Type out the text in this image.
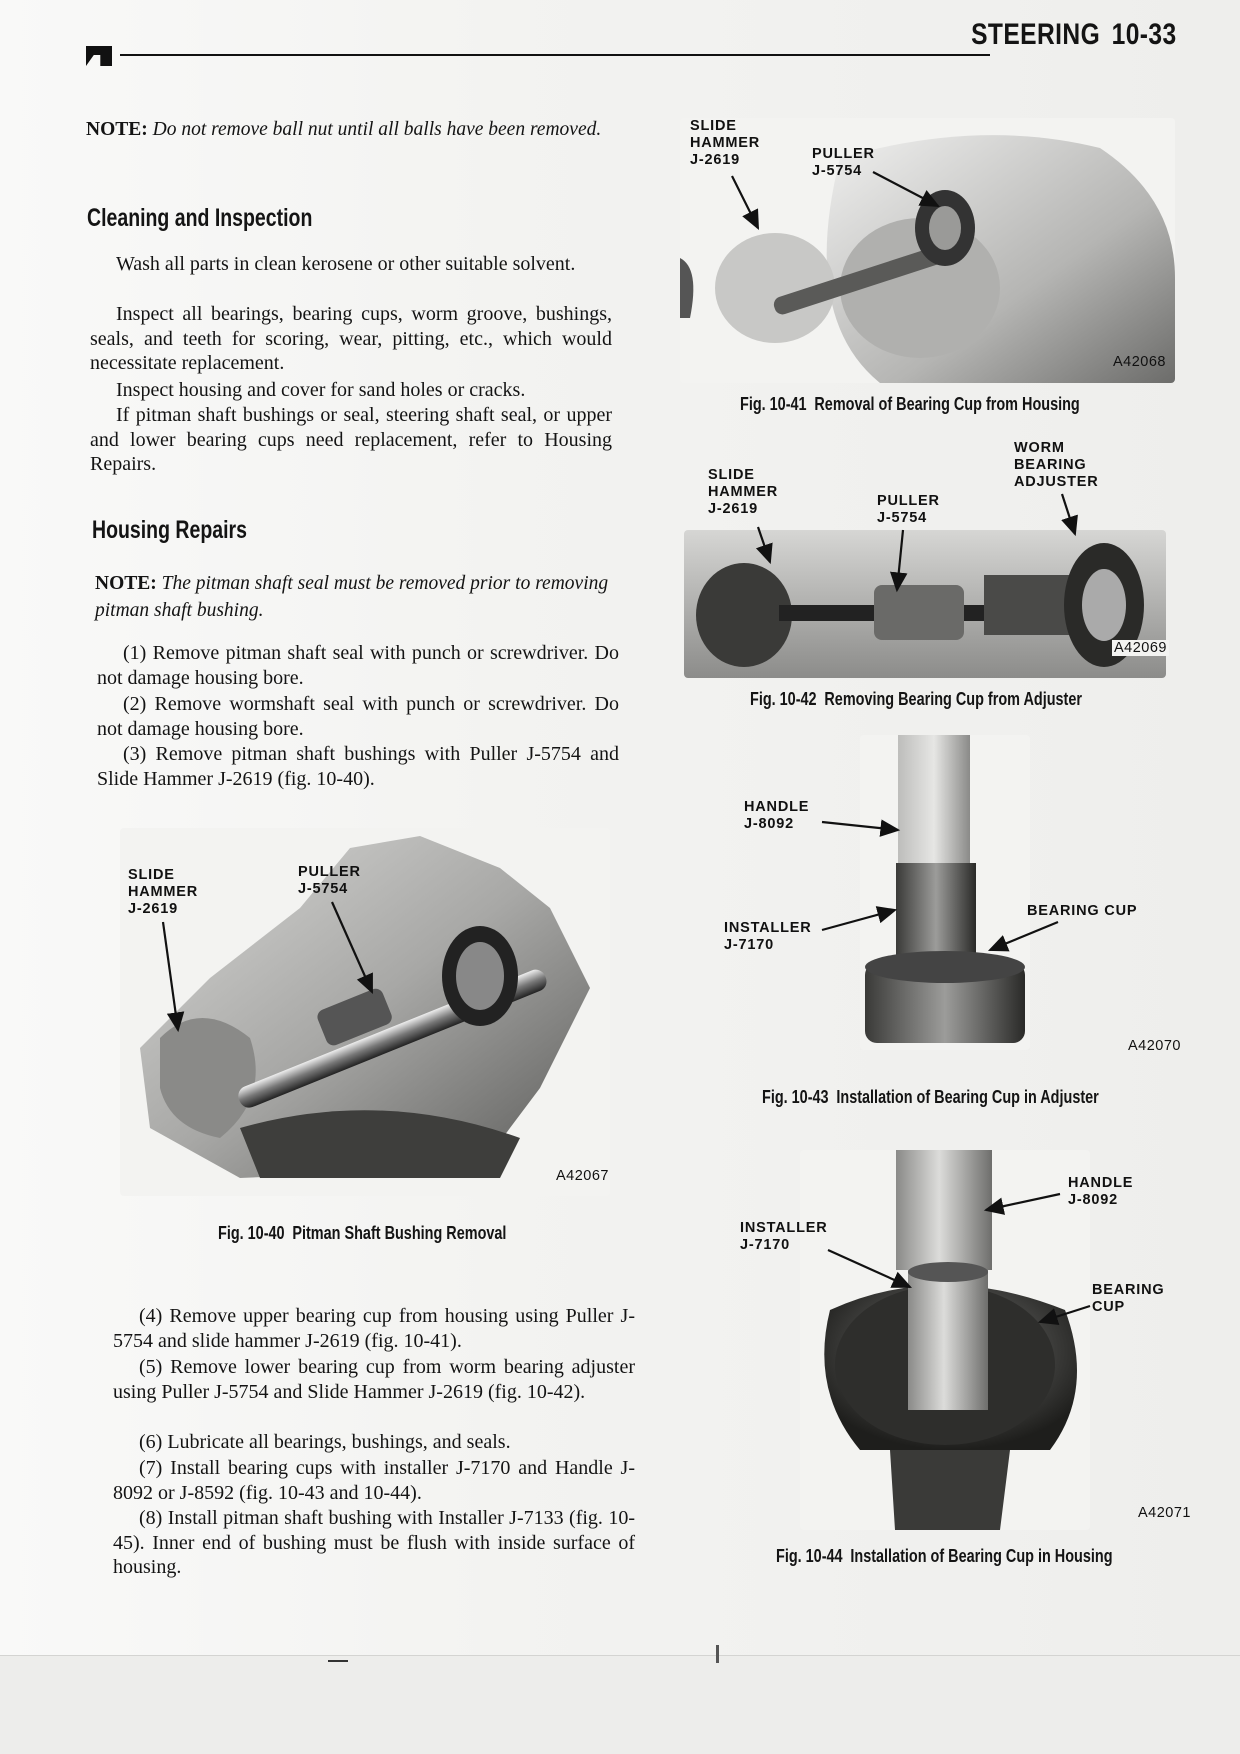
STEERING 10-33
NOTE: Do not remove ball nut until all balls have been removed.
Cleaning and Inspection

Wash all parts in clean kerosene or other suitable solvent.

Inspect all bearings, bearing cups, worm groove, bushings, seals, and teeth for scoring, wear, pitting, etc., which would necessitate replacement.

Inspect housing and cover for sand holes or cracks.

If pitman shaft bushings or seal, steering shaft seal, or upper and lower bearing cups need replacement, refer to Housing Repairs.

Housing Repairs
NOTE: The pitman shaft seal must be removed prior to removing pitman shaft bushing.

(1) Remove pitman shaft seal with punch or screwdriver. Do not damage housing bore.

(2) Remove wormshaft seal with punch or screwdriver. Do not damage housing bore.

(3) Remove pitman shaft bushings with Puller J-5754 and Slide Hammer J-2619 (fig. 10-40).

SLIDE
HAMMER
J-2619
PULLER
J-5754
A42067
Fig. 10-40 Pitman Shaft Bushing Removal

(4) Remove upper bearing cup from housing using Puller J-5754 and slide hammer J-2619 (fig. 10-41).

(5) Remove lower bearing cup from worm bearing adjuster using Puller J-5754 and Slide Hammer J-2619 (fig. 10-42).

(6) Lubricate all bearings, bushings, and seals.

(7) Install bearing cups with installer J-7170 and Handle J-8092 or J-8592 (fig. 10-43 and 10-44).

(8) Install pitman shaft bushing with Installer J-7133 (fig. 10-45). Inner end of bushing must be flush with inside surface of housing.

SLIDE
HAMMER
J-2619	PULLER
J-5754
A42068
Fig. 10-41 Removal of Bearing Cup from Housing
SLIDE
HAMMER
J-2619	PULLER
J-5754
WORM
BEARING
ADJUSTER
A42069
Fig. 10-42 Removing Bearing Cup from Adjuster
HANDLE
J-8092
INSTALLER
J-7170
BEARING CUP
A42070
Fig. 10-43 Installation of Bearing Cup in Adjuster
HANDLE
J-8092
INSTALLER
J-7170
BEARING
CUP
A42071
Fig. 10-44 Installation of Bearing Cup in Housing
